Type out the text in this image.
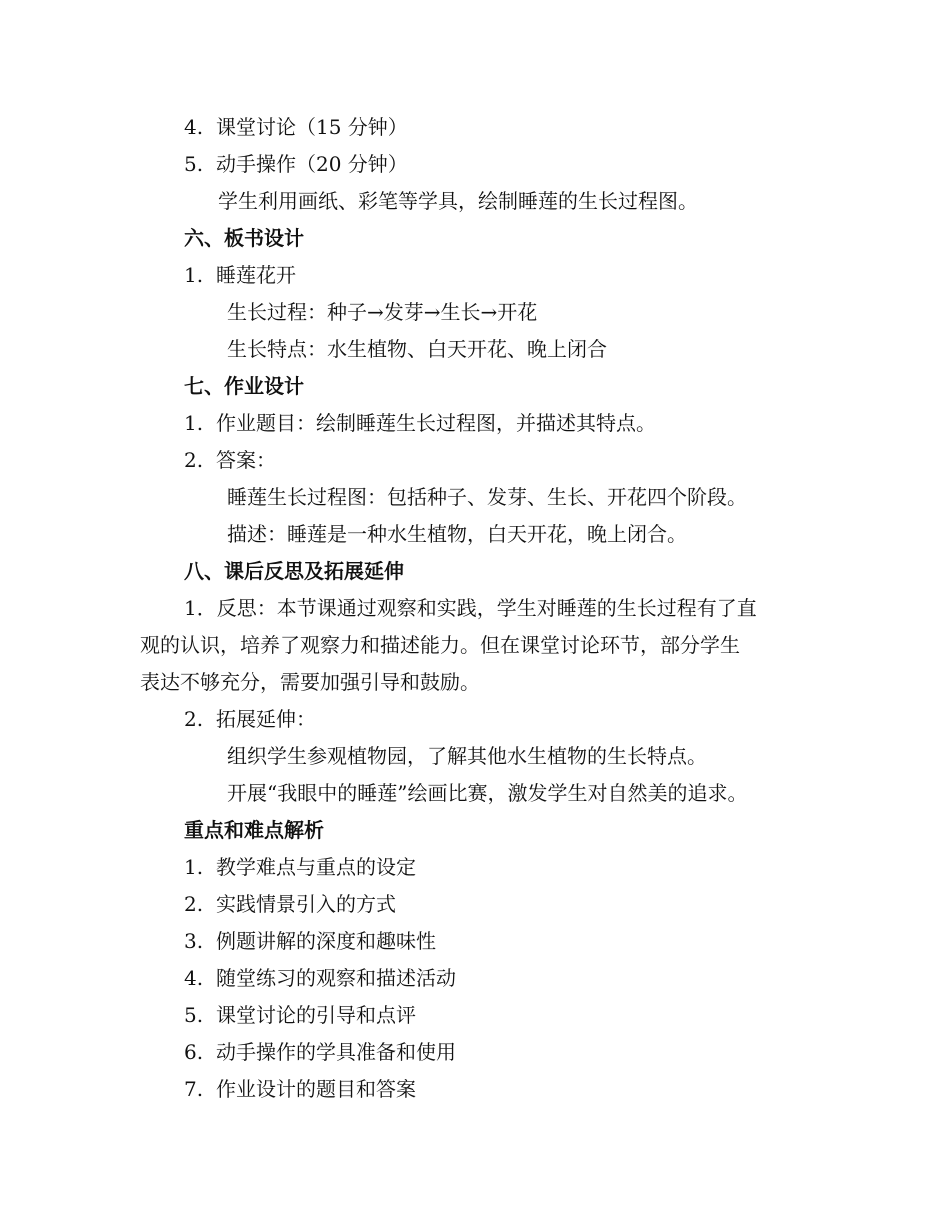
4. 课堂讨论（15 分钟）
5. 动手操作（20 分钟）
学生利用画纸、彩笔等学具，绘制睡莲的生长过程图。
六、板书设计
1. 睡莲花开
生长过程：种子→发芽→生长→开花
生长特点：水生植物、白天开花、晚上闭合
七、作业设计
1. 作业题目：绘制睡莲生长过程图，并描述其特点。
2. 答案：
睡莲生长过程图：包括种子、发芽、生长、开花四个阶段。
描述：睡莲是一种水生植物，白天开花，晚上闭合。
八、课后反思及拓展延伸
1．反思：本节课通过观察和实践，学生对睡莲的生长过程有了直
观的认识，培养了观察力和描述能力。但在课堂讨论环节，部分学生
表达不够充分，需要加强引导和鼓励。
2. 拓展延伸：
组织学生参观植物园，了解其他水生植物的生长特点。
开展“我眼中的睡莲”绘画比赛，激发学生对自然美的追求。
重点和难点解析
1. 教学难点与重点的设定
2. 实践情景引入的方式
3. 例题讲解的深度和趣味性
4. 随堂练习的观察和描述活动
5. 课堂讨论的引导和点评
6. 动手操作的学具准备和使用
7. 作业设计的题目和答案
